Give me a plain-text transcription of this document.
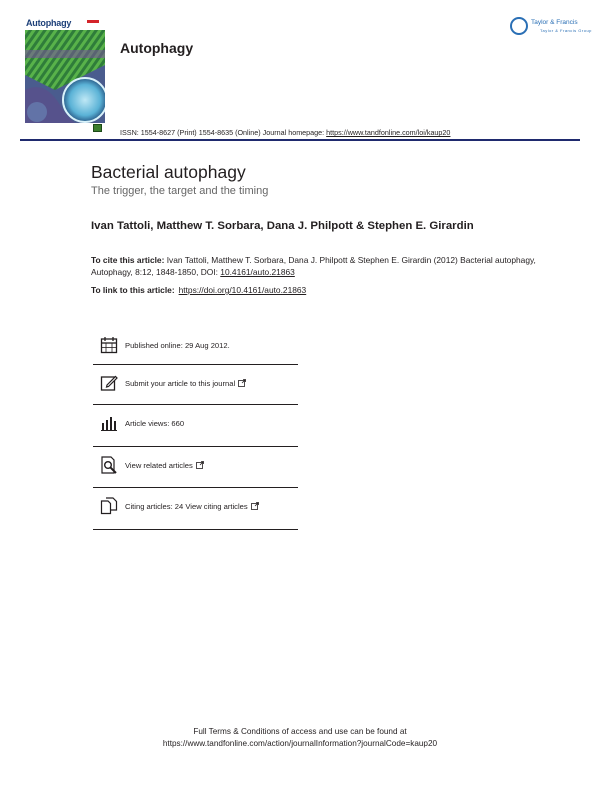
Autophagy
Autophagy
Taylor & Francis
Taylor & Francis Group
ISSN: 1554-8627 (Print) 1554-8635 (Online) Journal homepage: https://www.tandfonline.com/loi/kaup20
Bacterial autophagy
The trigger, the target and the timing
Ivan Tattoli, Matthew T. Sorbara, Dana J. Philpott & Stephen E. Girardin
To cite this article: Ivan Tattoli, Matthew T. Sorbara, Dana J. Philpott & Stephen E. Girardin (2012) Bacterial autophagy, Autophagy, 8:12, 1848-1850, DOI: 10.4161/auto.21863
To link to this article: https://doi.org/10.4161/auto.21863
Published online: 29 Aug 2012.
Submit your article to this journal
Article views: 660
View related articles
Citing articles: 24 View citing articles
Full Terms & Conditions of access and use can be found at
https://www.tandfonline.com/action/journalInformation?journalCode=kaup20
